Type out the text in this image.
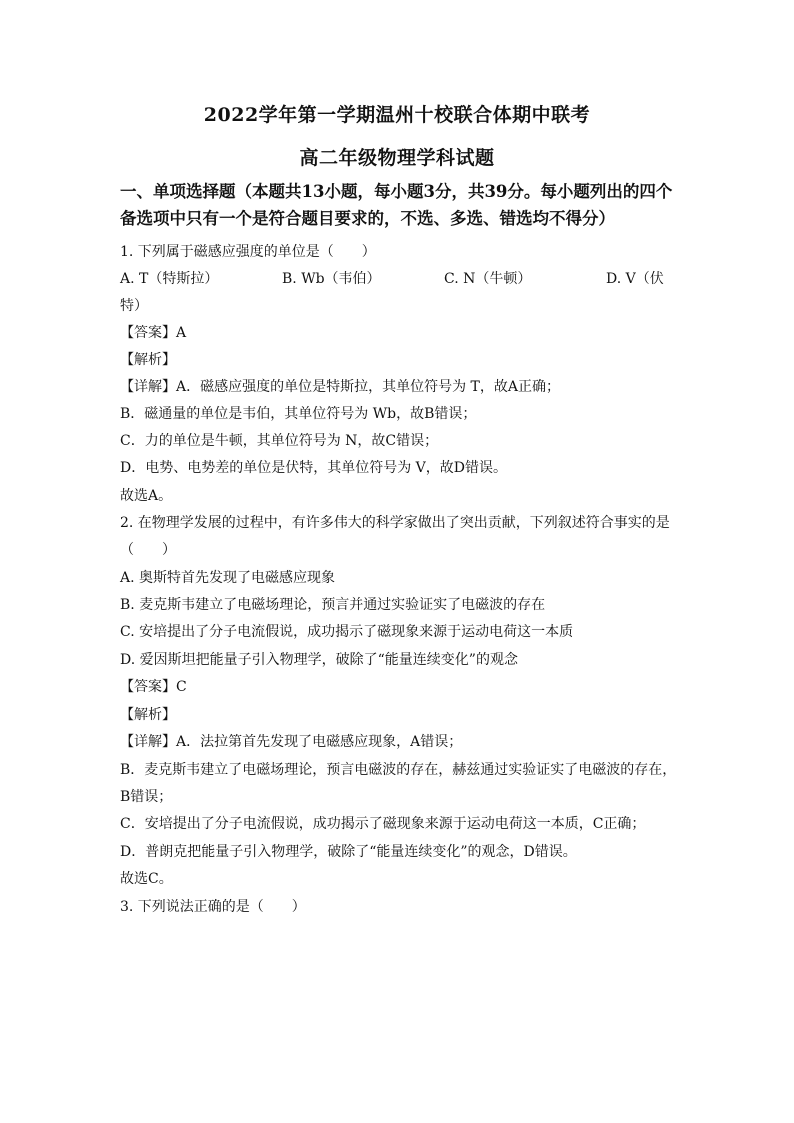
2022学年第一学期温州十校联合体期中联考
高二年级物理学科试题
一、单项选择题（本题共13小题，每小题3分，共39分。每小题列出的四个
备选项中只有一个是符合题目要求的，不选、多选、错选均不得分）
1. 下列属于磁感应强度的单位是（　　）
A. T（特斯拉）	B. Wb（韦伯）	C. N（牛顿）	D. V（伏
特）
【答案】A
【解析】
【详解】A．磁感应强度的单位是特斯拉，其单位符号为 T，故A正确；
B．磁通量的单位是韦伯，其单位符号为 Wb，故B错误；
C．力的单位是牛顿，其单位符号为 N，故C错误；
D．电势、电势差的单位是伏特，其单位符号为 V，故D错误。
故选A。
2. 在物理学发展的过程中，有许多伟大的科学家做出了突出贡献，下列叙述符合事实的是
（　　）
A. 奥斯特首先发现了电磁感应现象
B. 麦克斯韦建立了电磁场理论，预言并通过实验证实了电磁波的存在
C. 安培提出了分子电流假说，成功揭示了磁现象来源于运动电荷这一本质
D. 爱因斯坦把能量子引入物理学，破除了“能量连续变化”的观念
【答案】C
【解析】
【详解】A．法拉第首先发现了电磁感应现象，A错误；
B．麦克斯韦建立了电磁场理论，预言电磁波的存在，赫兹通过实验证实了电磁波的存在，
B错误；
C．安培提出了分子电流假说，成功揭示了磁现象来源于运动电荷这一本质，C正确；
D．普朗克把能量子引入物理学，破除了“能量连续变化”的观念，D错误。
故选C。
3. 下列说法正确的是（　　）
